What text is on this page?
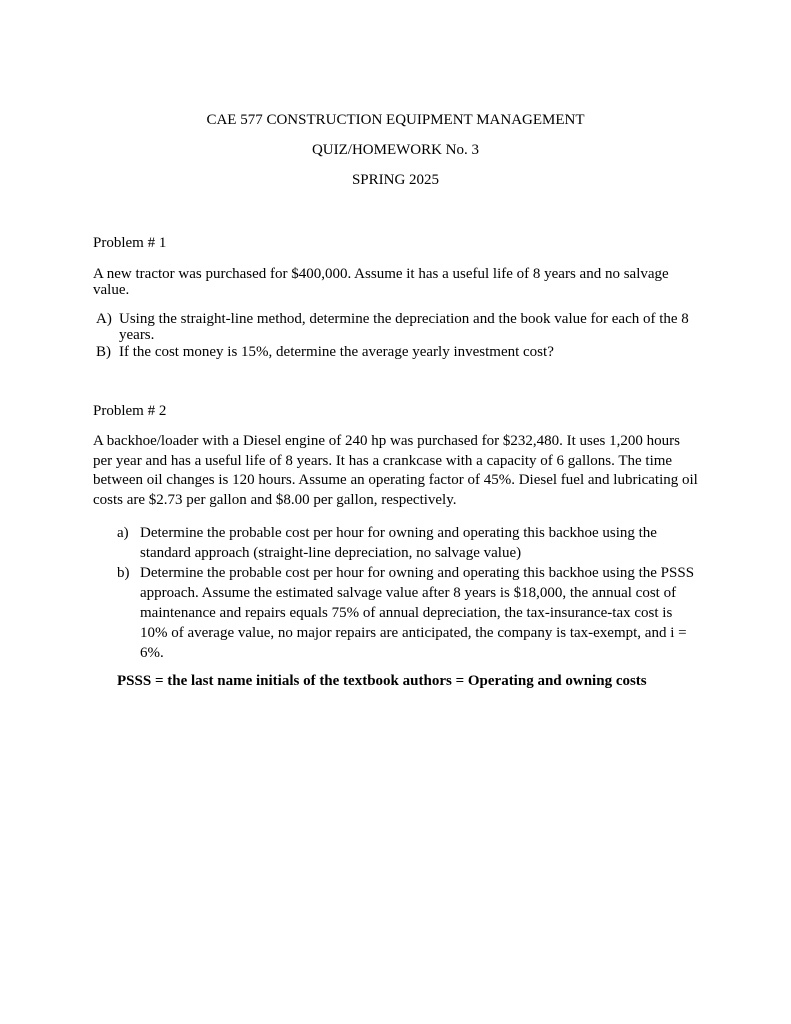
CAE 577 CONSTRUCTION EQUIPMENT MANAGEMENT
QUIZ/HOMEWORK No. 3
SPRING 2025
Problem # 1
A new tractor was purchased for $400,000. Assume it has a useful life of 8 years and no salvage value.
A) Using the straight-line method, determine the depreciation and the book value for each of the 8 years.
B) If the cost money is 15%, determine the average yearly investment cost?
Problem # 2
A backhoe/loader with a Diesel engine of 240 hp was purchased for $232,480. It uses 1,200 hours per year and has a useful life of 8 years. It has a crankcase with a capacity of 6 gallons. The time between oil changes is 120 hours. Assume an operating factor of 45%. Diesel fuel and lubricating oil costs are $2.73 per gallon and $8.00 per gallon, respectively.
a) Determine the probable cost per hour for owning and operating this backhoe using the standard approach (straight-line depreciation, no salvage value)
b) Determine the probable cost per hour for owning and operating this backhoe using the PSSS approach. Assume the estimated salvage value after 8 years is $18,000, the annual cost of maintenance and repairs equals 75% of annual depreciation, the tax-insurance-tax cost is 10% of average value, no major repairs are anticipated, the company is tax-exempt, and i = 6%.
PSSS = the last name initials of the textbook authors = Operating and owning costs
